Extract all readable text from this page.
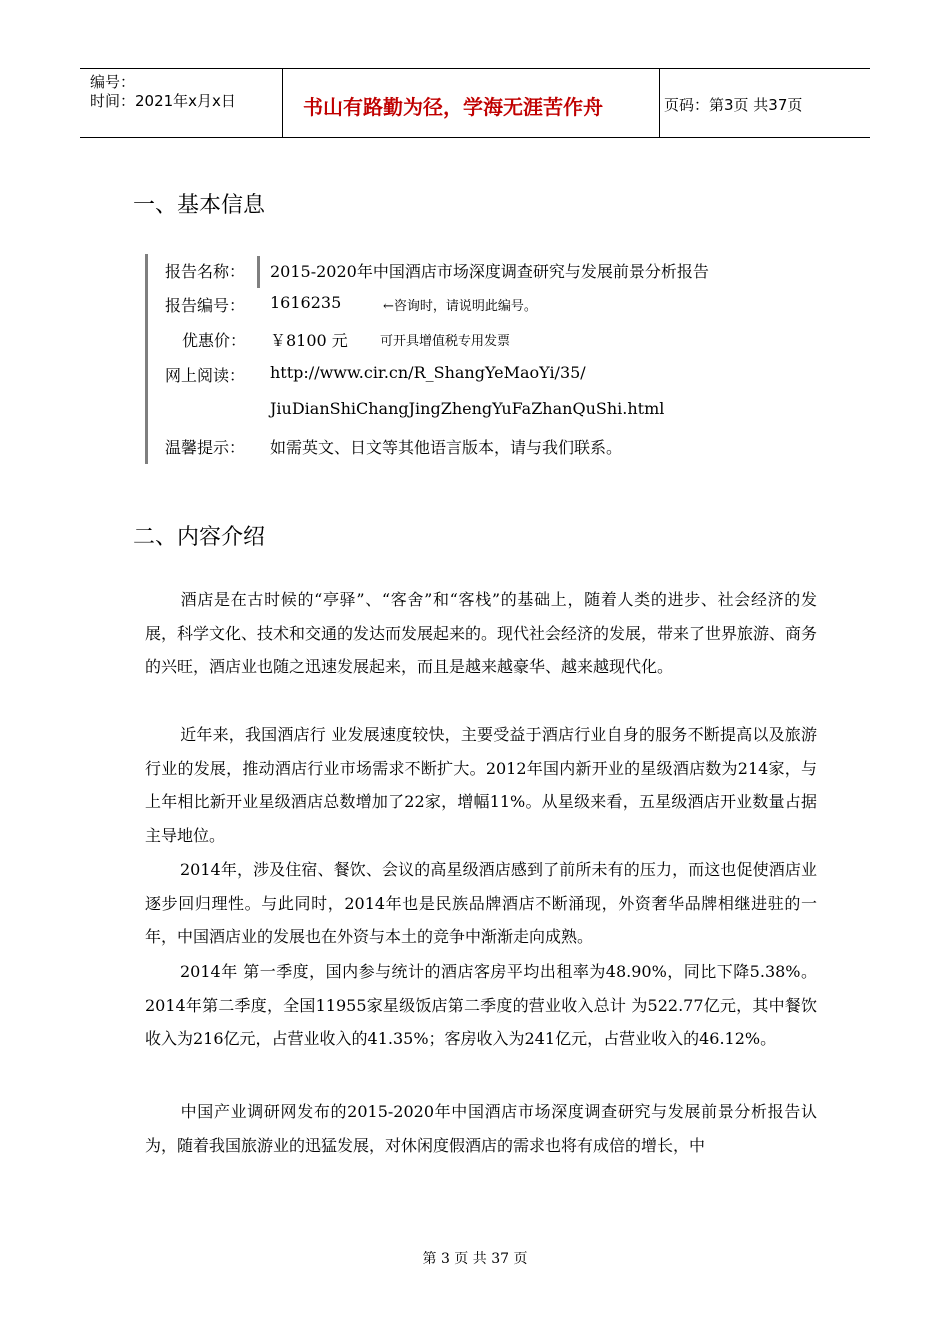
编号：
时间：2021年x月x日	书山有路勤为径，学海无涯苦作舟	页码：第3页 共37页
一、基本信息
报告名称： 2015-2020年中国酒店市场深度调查研究与发展前景分析报告
报告编号： 1616235	←咨询时，请说明此编号。
优惠价： ￥8100 元 可开具增值税专用发票
网上阅读： http://www.cir.cn/R_ShangYeMaoYi/35/
JiuDianShiChangJingZhengYuFaZhanQuShi.html
温馨提示： 如需英文、日文等其他语言版本，请与我们联系。
二、内容介绍
酒店是在古时候的“亭驿”、“客舍”和“客栈”的基础上，随着人类的进步、社会经济的发展，科学文化、技术和交通的发达而发展起来的。现代社会经济的发展，带来了世界旅游、商务的兴旺，酒店业也随之迅速发展起来，而且是越来越豪华、越来越现代化。
近年来，我国酒店行 业发展速度较快，主要受益于酒店行业自身的服务不断提高以及旅游行业的发展，推动酒店行业市场需求不断扩大。2012年国内新开业的星级酒店数为214家，与上年相比新开业星级酒店总数增加了22家，增幅11%。从星级来看，五星级酒店开业数量占据主导地位。
2014年，涉及住宿、餐饮、会议的高星级酒店感到了前所未有的压力，而这也促使酒店业逐步回归理性。与此同时，2014年也是民族品牌酒店不断涌现，外资奢华品牌相继进驻的一年，中国酒店业的发展也在外资与本土的竞争中渐渐走向成熟。
2014年 第一季度，国内参与统计的酒店客房平均出租率为48.90%，同比下降5.38%。2014年第二季度，全国11955家星级饭店第二季度的营业收入总计 为522.77亿元，其中餐饮收入为216亿元，占营业收入的41.35%；客房收入为241亿元，占营业收入的46.12%。
中国产业调研网发布的2015-2020年中国酒店市场深度调查研究与发展前景分析报告认为，随着我国旅游业的迅猛发展，对休闲度假酒店的需求也将有成倍的增长，中
第 3 页 共 37 页
